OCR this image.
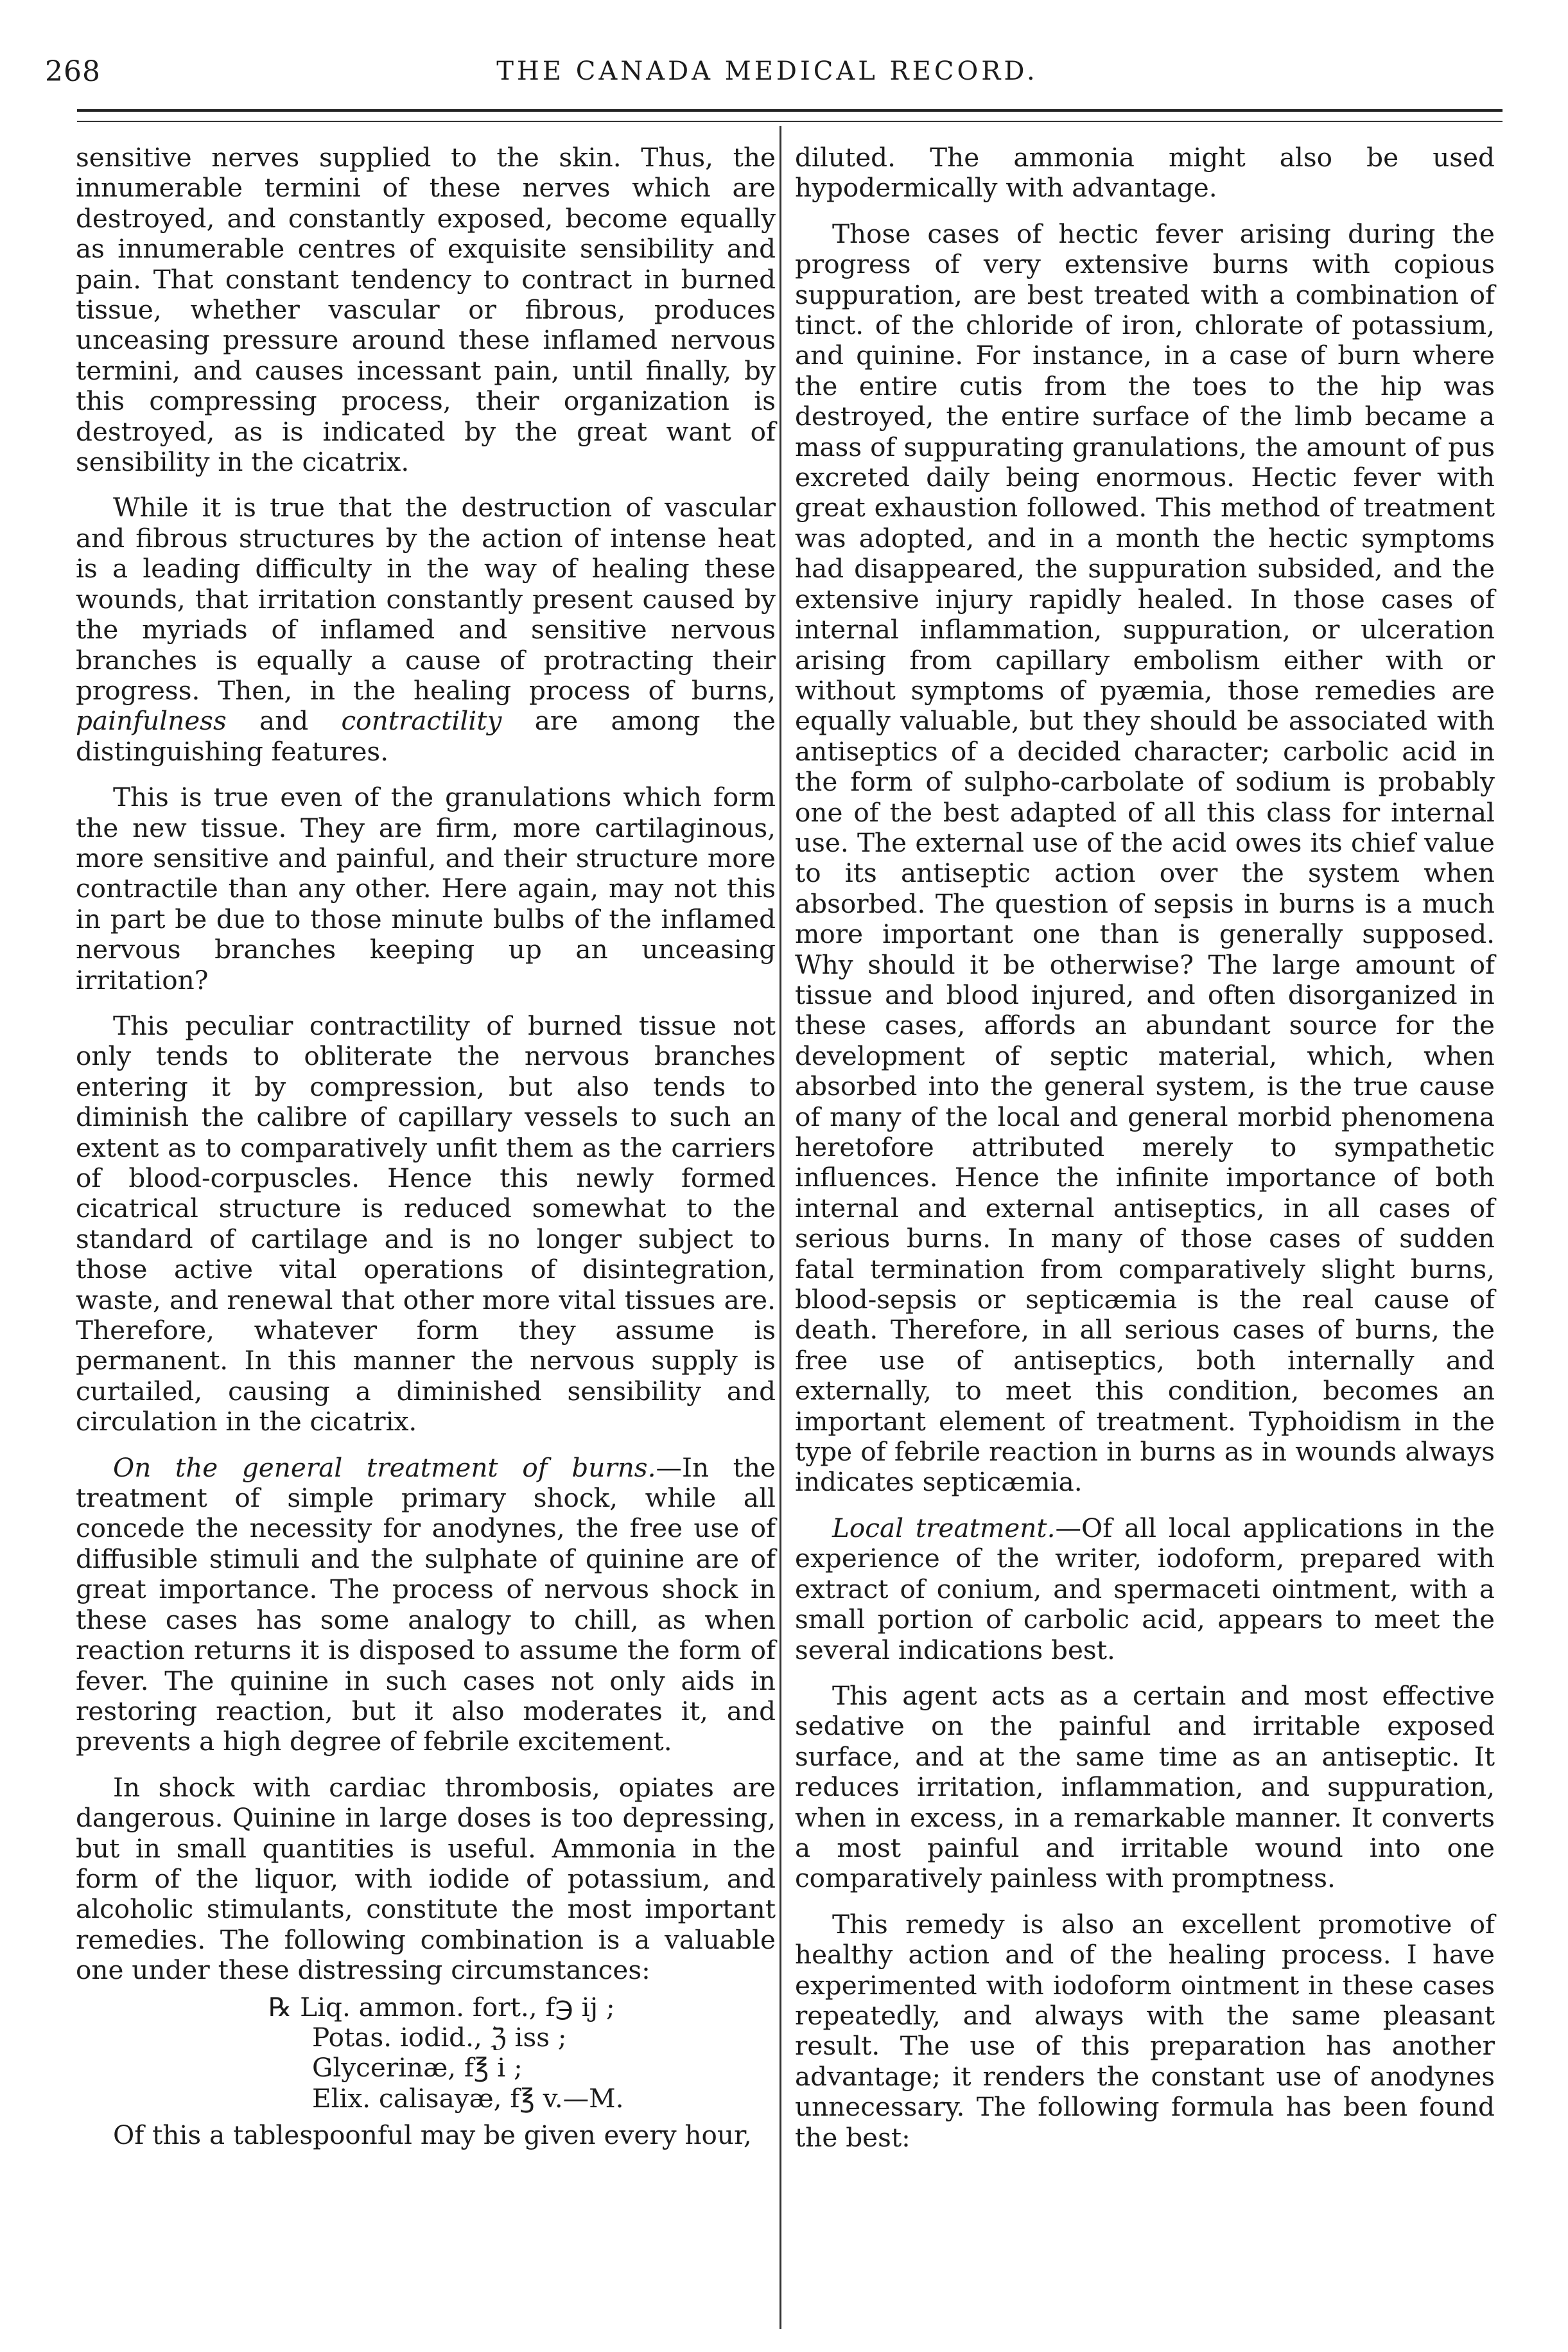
268	THE CANADA MEDICAL RECORD.

sensitive nerves supplied to the skin. Thus, the innumerable termini of these nerves which are destroyed, and constantly exposed, become equally as innumerable centres of exquisite sensibility and pain. That constant tendency to contract in burned tissue, whether vascular or fibrous, produces unceasing pressure around these inflamed nervous termini, and causes incessant pain, until finally, by this compressing process, their organization is destroyed, as is indicated by the great want of sensibility in the cicatrix.

While it is true that the destruction of vascular and fibrous structures by the action of intense heat is a leading difficulty in the way of healing these wounds, that irritation constantly present caused by the myriads of inflamed and sensitive nervous branches is equally a cause of protracting their progress. Then, in the healing process of burns, painfulness and contractility are among the distinguishing features.

This is true even of the granulations which form the new tissue. They are firm, more cartilaginous, more sensitive and painful, and their structure more contractile than any other. Here again, may not this in part be due to those minute bulbs of the inflamed nervous branches keeping up an unceasing irritation?

This peculiar contractility of burned tissue not only tends to obliterate the nervous branches entering it by compression, but also tends to diminish the calibre of capillary vessels to such an extent as to comparatively unfit them as the carriers of blood-corpuscles. Hence this newly formed cicatrical structure is reduced somewhat to the standard of cartilage and is no longer subject to those active vital operations of disintegration, waste, and renewal that other more vital tissues are. Therefore, whatever form they assume is permanent. In this manner the nervous supply is curtailed, causing a diminished sensibility and circulation in the cicatrix.

On the general treatment of burns.—In the treatment of simple primary shock, while all concede the necessity for anodynes, the free use of diffusible stimuli and the sulphate of quinine are of great importance. The process of nervous shock in these cases has some analogy to chill, as when reaction returns it is disposed to assume the form of fever. The quinine in such cases not only aids in restoring reaction, but it also moderates it, and prevents a high degree of febrile excitement.

In shock with cardiac thrombosis, opiates are dangerous. Quinine in large doses is too depressing, but in small quantities is useful. Ammonia in the form of the liquor, with iodide of potassium, and alcoholic stimulants, constitute the most important remedies. The following combination is a valuable one under these distressing circumstances:

℞ Liq. ammon. fort., f℈ ij ;
Potas. iodid., ℨ iss ;
Glycerinæ, f℥ i ;
Elix. calisayæ, f℥ v.—M.

Of this a tablespoonful may be given every hour,

diluted. The ammonia might also be used hypodermically with advantage.

Those cases of hectic fever arising during the progress of very extensive burns with copious suppuration, are best treated with a combination of tinct. of the chloride of iron, chlorate of potassium, and quinine. For instance, in a case of burn where the entire cutis from the toes to the hip was destroyed, the entire surface of the limb became a mass of suppurating granulations, the amount of pus excreted daily being enormous. Hectic fever with great exhaustion followed. This method of treatment was adopted, and in a month the hectic symptoms had disappeared, the suppuration subsided, and the extensive injury rapidly healed. In those cases of internal inflammation, suppuration, or ulceration arising from capillary embolism either with or without symptoms of pyæmia, those remedies are equally valuable, but they should be associated with antiseptics of a decided character; carbolic acid in the form of sulpho-carbolate of sodium is probably one of the best adapted of all this class for internal use. The external use of the acid owes its chief value to its antiseptic action over the system when absorbed. The question of sepsis in burns is a much more important one than is generally supposed. Why should it be otherwise? The large amount of tissue and blood injured, and often disorganized in these cases, affords an abundant source for the development of septic material, which, when absorbed into the general system, is the true cause of many of the local and general morbid phenomena heretofore attributed merely to sympathetic influences. Hence the infinite importance of both internal and external antiseptics, in all cases of serious burns. In many of those cases of sudden fatal termination from comparatively slight burns, blood-sepsis or septicæmia is the real cause of death. Therefore, in all serious cases of burns, the free use of antiseptics, both internally and externally, to meet this condition, becomes an important element of treatment. Typhoidism in the type of febrile reaction in burns as in wounds always indicates septicæmia.

Local treatment.—Of all local applications in the experience of the writer, iodoform, prepared with extract of conium, and spermaceti ointment, with a small portion of carbolic acid, appears to meet the several indications best.

This agent acts as a certain and most effective sedative on the painful and irritable exposed surface, and at the same time as an antiseptic. It reduces irritation, inflammation, and suppuration, when in excess, in a remarkable manner. It converts a most painful and irritable wound into one comparatively painless with promptness.

This remedy is also an excellent promotive of healthy action and of the healing process. I have experimented with iodoform ointment in these cases repeatedly, and always with the same pleasant result. The use of this preparation has another advantage; it renders the constant use of anodynes unnecessary. The following formula has been found the best:
